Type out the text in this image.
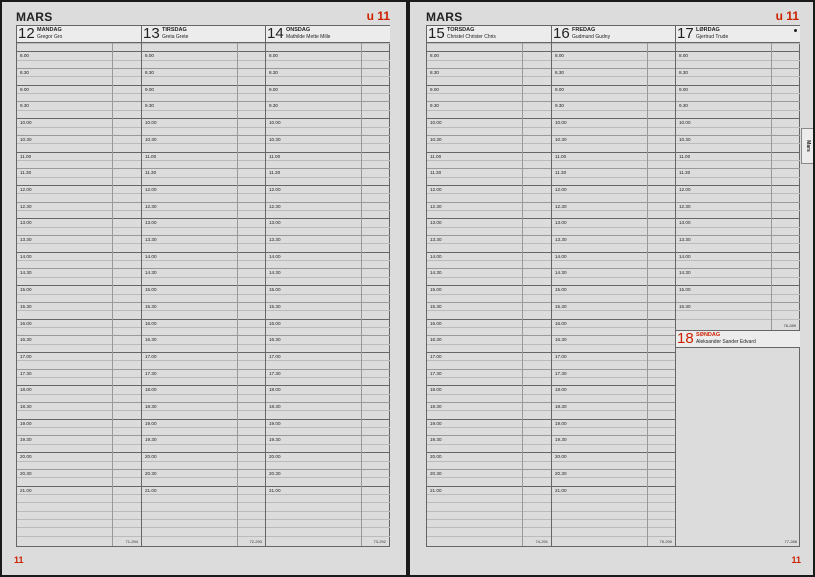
MARS	u 11
12 MANDAG
Gregor Gro
8.00
8.30
9.00
9.30
10.00
10.30
11.00
11.30
12.00
12.30
13.00
13.30
14.00
14.30
15.00
15.30
16.00
16.30
17.00
17.30
18.00
18.30
19.00
19.30
20.00
20.30
21.00
71-294
13 TIRSDAG
Greta Grete
8.00
8.30
9.00
9.30
10.00
10.30
11.00
11.30
12.00
12.30
13.00
13.30
14.00
14.30
15.00
15.30
16.00
16.30
17.00
17.30
18.00
18.30
19.00
19.30
20.00
20.30
21.00
72-293
14 ONSDAG
Mathilde Mette Mille
8.00
8.30
9.00
9.30
10.00
10.30
11.00
11.30
12.00
12.30
13.00
13.30
14.00
14.30
15.00
15.30
16.00
16.30
17.00
17.30
18.00
18.30
19.00
19.30
20.00
20.30
21.00
73-292
11
MARS	u 11
15 TORSDAG
Christel Christer Chris
8.00
8.30
9.00
9.30
10.00
10.30
11.00
11.30
12.00
12.30
13.00
13.30
14.00
14.30
15.00
15.30
16.00
16.30
17.00
17.30
18.00
18.30
19.00
19.30
20.00
20.30
21.00
74-291
16 FREDAG
Gudmund Gudny
8.00
8.30
9.00
9.30
10.00
10.30
11.00
11.30
12.00
12.30
13.00
13.30
14.00
14.30
15.00
15.30
16.00
16.30
17.00
17.30
18.00
18.30
19.00
19.30
20.00
20.30
21.00
75-290
17 LØRDAG
Gjertrud Trude
8.00
8.30
9.00
9.30
10.00
10.30
11.00
11.30
12.00
12.30
13.00
13.30
14.00
14.30
15.00
15.30
76-289
18 SØNDAG
Aleksander Sander Edvard
77-288
Mars
11
